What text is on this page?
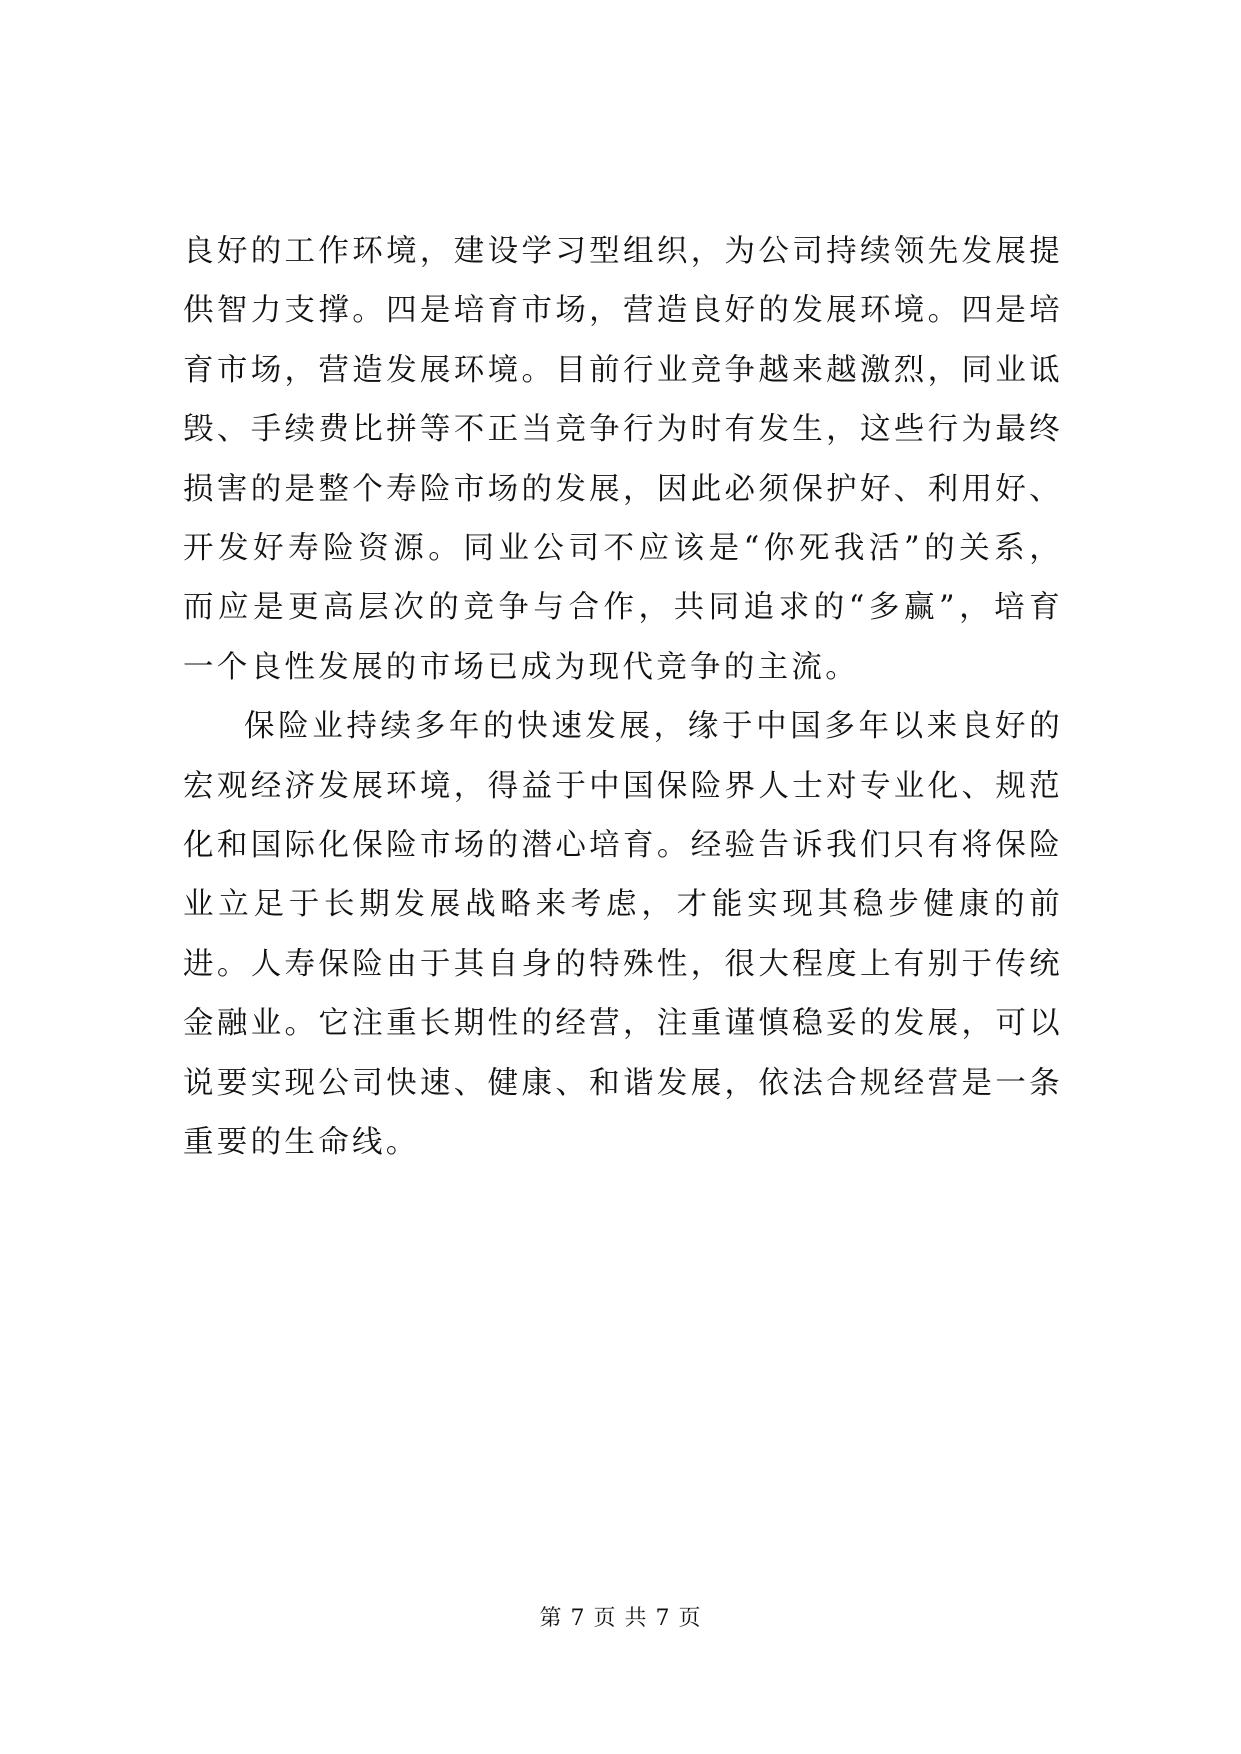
良好的工作环境，建设学习型组织，为公司持续领先发展提供智力支撑。四是培育市场，营造良好的发展环境。四是培育市场，营造发展环境。目前行业竞争越来越激烈，同业诋毁、手续费比拼等不正当竞争行为时有发生，这些行为最终损害的是整个寿险市场的发展，因此必须保护好、利用好、开发好寿险资源。同业公司不应该是“你死我活”的关系，而应是更高层次的竞争与合作，共同追求的“多赢”，培育一个良性发展的市场已成为现代竞争的主流。

保险业持续多年的快速发展，缘于中国多年以来良好的宏观经济发展环境，得益于中国保险界人士对专业化、规范化和国际化保险市场的潜心培育。经验告诉我们只有将保险业立足于长期发展战略来考虑，才能实现其稳步健康的前进。人寿保险由于其自身的特殊性，很大程度上有别于传统金融业。它注重长期性的经营，注重谨慎稳妥的发展，可以说要实现公司快速、健康、和谐发展，依法合规经营是一条重要的生命线。

第 7 页 共 7 页
